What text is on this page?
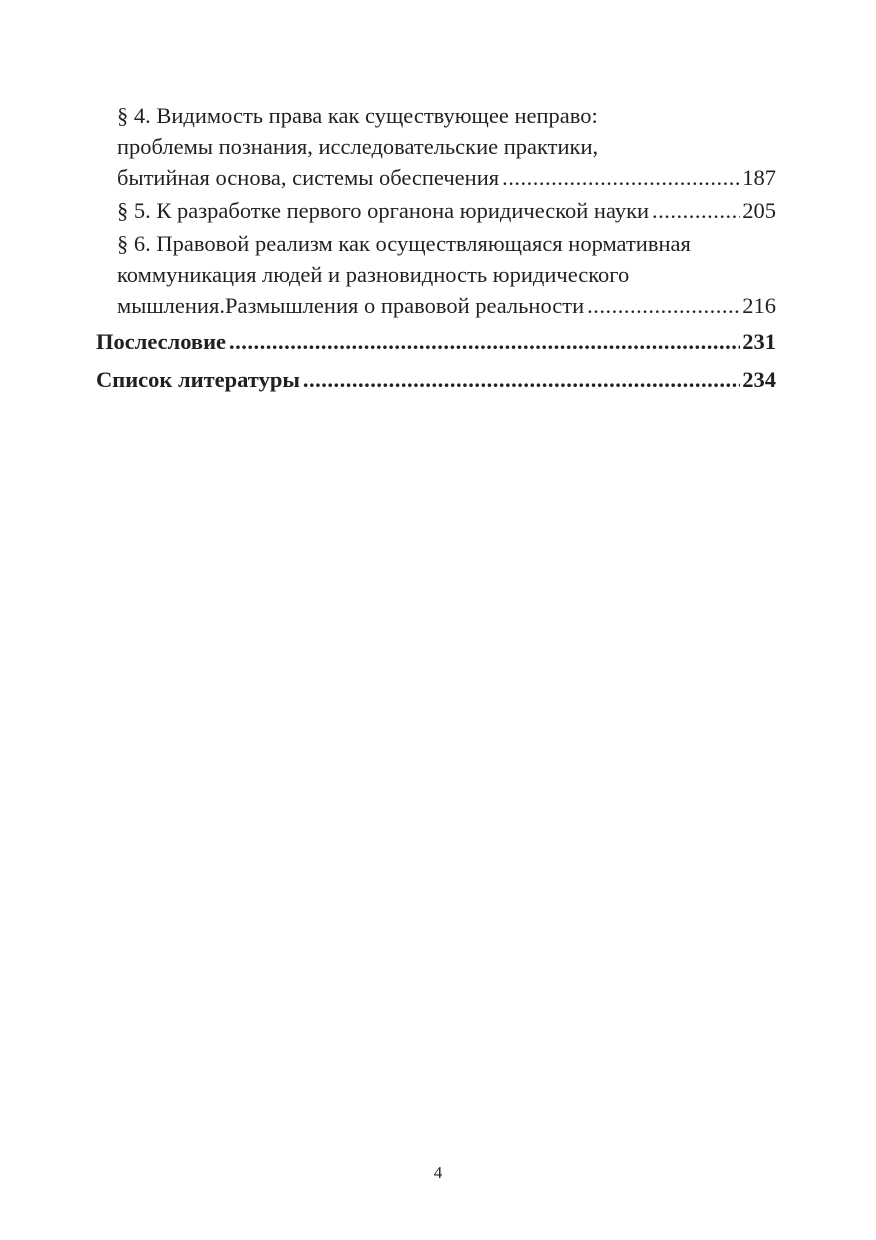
§ 4. Видимость права как существующее неправо:
проблемы познания, исследовательские практики,
бытийная основа, системы обеспечения .....	187
§ 5. К разработке первого органона юридической науки .....	205
§ 6. Правовой реализм как осуществляющаяся нормативная
коммуникация людей и разновидность юридического
мышления.Размышления о правовой реальности .....	216
Послесловие .....	231
Список литературы .....	234
4
